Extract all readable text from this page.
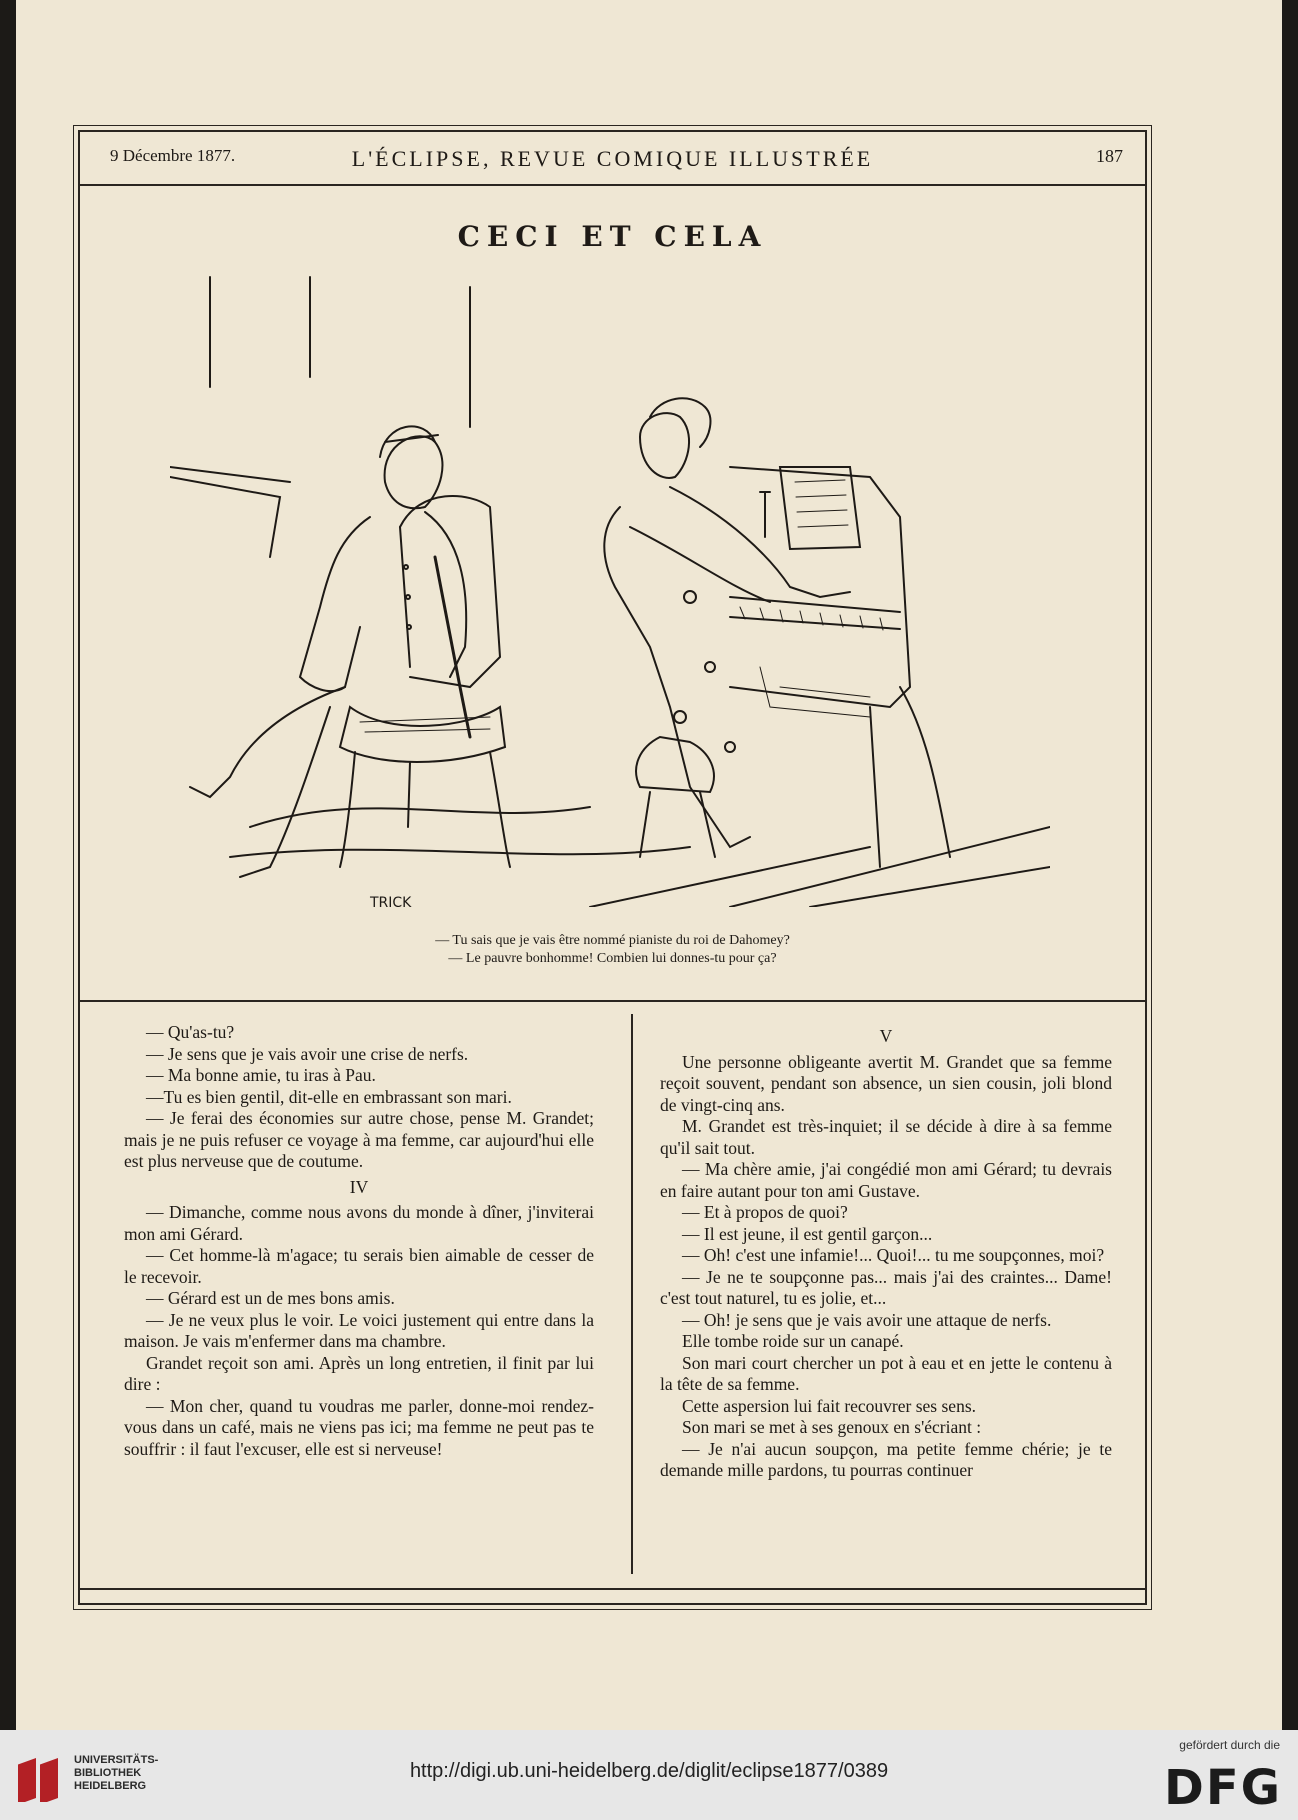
9 Décembre 1877.	L'ÉCLIPSE, REVUE COMIQUE ILLUSTRÉE	187
CECI ET CELA
TRICK
— Tu sais que je vais être nommé pianiste du roi de Dahomey?
— Le pauvre bonhomme! Combien lui donnes-tu pour ça?

— Qu'as-tu?

— Je sens que je vais avoir une crise de nerfs.

— Ma bonne amie, tu iras à Pau.

—Tu es bien gentil, dit-elle en embrassant son mari.

— Je ferai des économies sur autre chose, pense M. Grandet; mais je ne puis refuser ce voyage à ma femme, car aujourd'hui elle est plus nerveuse que de coutume.

IV

— Dimanche, comme nous avons du monde à dîner, j'inviterai mon ami Gérard.

— Cet homme-là m'agace; tu serais bien aimable de cesser de le recevoir.

— Gérard est un de mes bons amis.

— Je ne veux plus le voir. Le voici justement qui entre dans la maison. Je vais m'enfermer dans ma chambre.

Grandet reçoit son ami. Après un long entretien, il finit par lui dire :

— Mon cher, quand tu voudras me parler, donne-moi rendez-vous dans un café, mais ne viens pas ici; ma femme ne peut pas te souffrir : il faut l'excuser, elle est si nerveuse!

V

Une personne obligeante avertit M. Grandet que sa femme reçoit souvent, pendant son absence, un sien cousin, joli blond de vingt-cinq ans.

M. Grandet est très-inquiet; il se décide à dire à sa femme qu'il sait tout.

— Ma chère amie, j'ai congédié mon ami Gérard; tu devrais en faire autant pour ton ami Gustave.

— Et à propos de quoi?

— Il est jeune, il est gentil garçon...

— Oh! c'est une infamie!... Quoi!... tu me soupçonnes, moi?

— Je ne te soupçonne pas... mais j'ai des craintes... Dame! c'est tout naturel, tu es jolie, et...

— Oh! je sens que je vais avoir une attaque de nerfs.

Elle tombe roide sur un canapé.

Son mari court chercher un pot à eau et en jette le contenu à la tête de sa femme.

Cette aspersion lui fait recouvrer ses sens.

Son mari se met à ses genoux en s'écriant :

— Je n'ai aucun soupçon, ma petite femme chérie; je te demande mille pardons, tu pourras continuer

UNIVERSITÄTS-
BIBLIOTHEK
HEIDELBERG
http://digi.ub.uni-heidelberg.de/diglit/eclipse1877/0389
gefördert durch die
DFG
